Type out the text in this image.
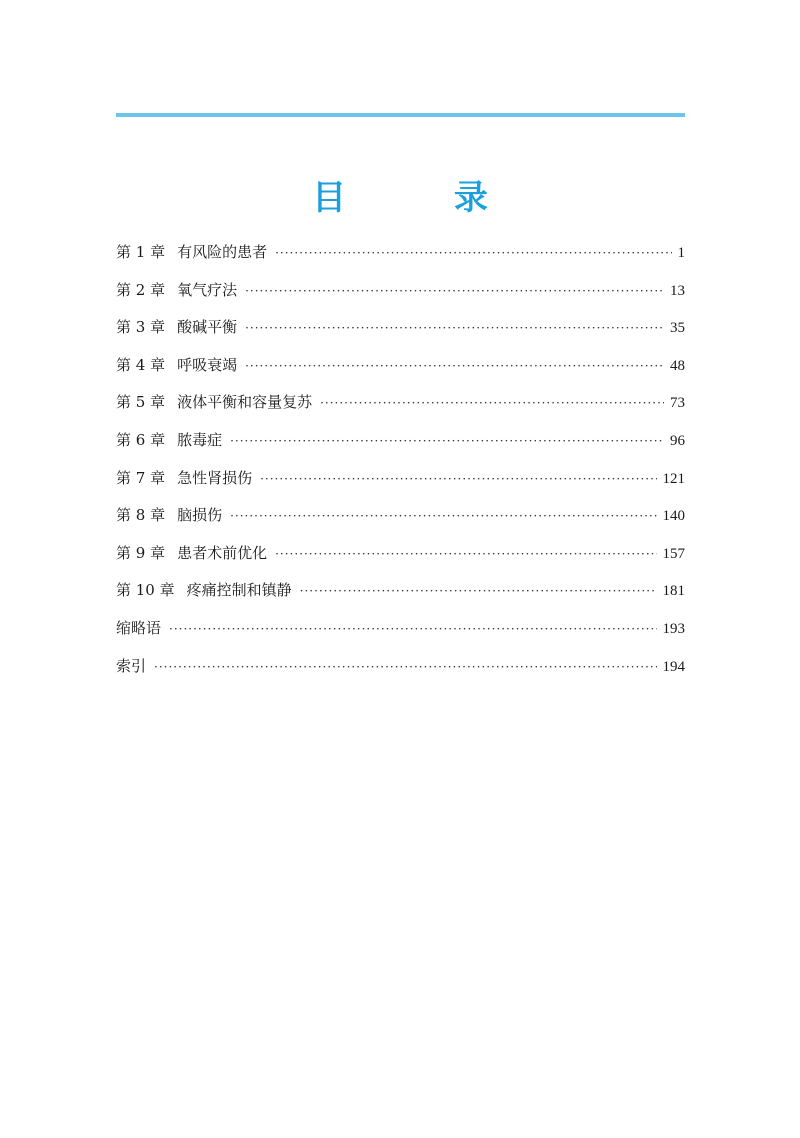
目 录
第 1 章 有风险的患者 ·····	1
第 2 章 氧气疗法 ·····	13
第 3 章 酸碱平衡 ·····	35
第 4 章 呼吸衰竭 ·····	48
第 5 章 液体平衡和容量复苏 ·····	73
第 6 章 脓毒症 ·····	96
第 7 章 急性肾损伤 ·····	121
第 8 章 脑损伤 ·····	140
第 9 章 患者术前优化 ·····	157
第 10 章 疼痛控制和镇静 ·····	181
缩略语 ·····	193
索引 ·····	194
